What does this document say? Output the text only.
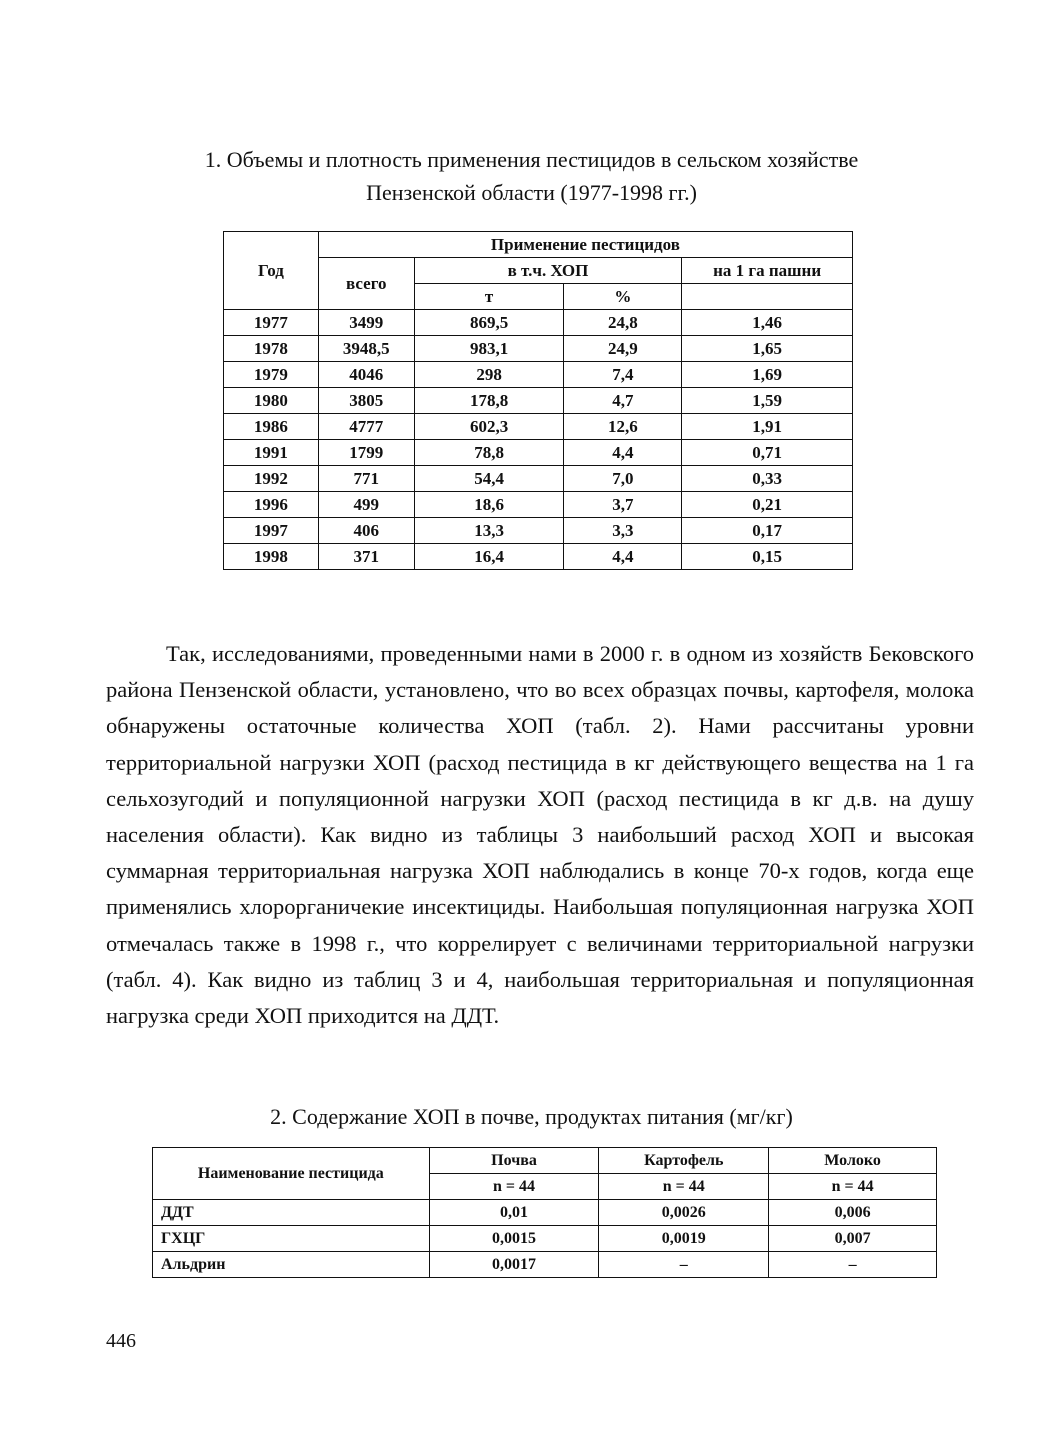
1. Объемы и плотность применения пестицидов в сельском хозяйстве
Пензенской области (1977-1998 гг.)
Год	Применение пестицидов			
	всего	в т.ч. ХОП		на 1 га пашни
		т	%	
1977	3499	869,5	24,8	1,46
1978	3948,5	983,1	24,9	1,65
1979	4046	298	7,4	1,69
1980	3805	178,8	4,7	1,59
1986	4777	602,3	12,6	1,91
1991	1799	78,8	4,4	0,71
1992	771	54,4	7,0	0,33
1996	499	18,6	3,7	0,21
1997	406	13,3	3,3	0,17
1998	371	16,4	4,4	0,15

Так, исследованиями, проведенными нами в 2000 г. в одном из хозяйств Бековского района Пензенской области, установлено, что во всех образцах почвы, картофеля, молока обнаружены остаточные количества ХОП (табл. 2). Нами рассчитаны уровни территориальной нагрузки ХОП (расход пестицида в кг действующего вещества на 1 га сельхозугодий и популяционной нагрузки ХОП (расход пестицида в кг д.в. на душу населения области). Как видно из таблицы 3 наибольший расход ХОП и высокая суммарная территориальная нагрузка ХОП наблюдались в конце 70-х годов, когда еще применялись хлорорганичекие инсектициды. Наибольшая популяционная нагрузка ХОП отмечалась также в 1998 г., что коррелирует с величинами территориальной нагрузки (табл. 4). Как видно из таблиц 3 и 4, наибольшая территориальная и популяционная нагрузка среди ХОП приходится на ДДТ.

2. Содержание ХОП в почве, продуктах питания (мг/кг)
Наименование пестицида	Почва	Картофель	Молоко
	n = 44	n = 44	n = 44
ДДТ	0,01	0,0026	0,006
ГХЦГ	0,0015	0,0019	0,007
Альдрин	0,0017	–	–
446
